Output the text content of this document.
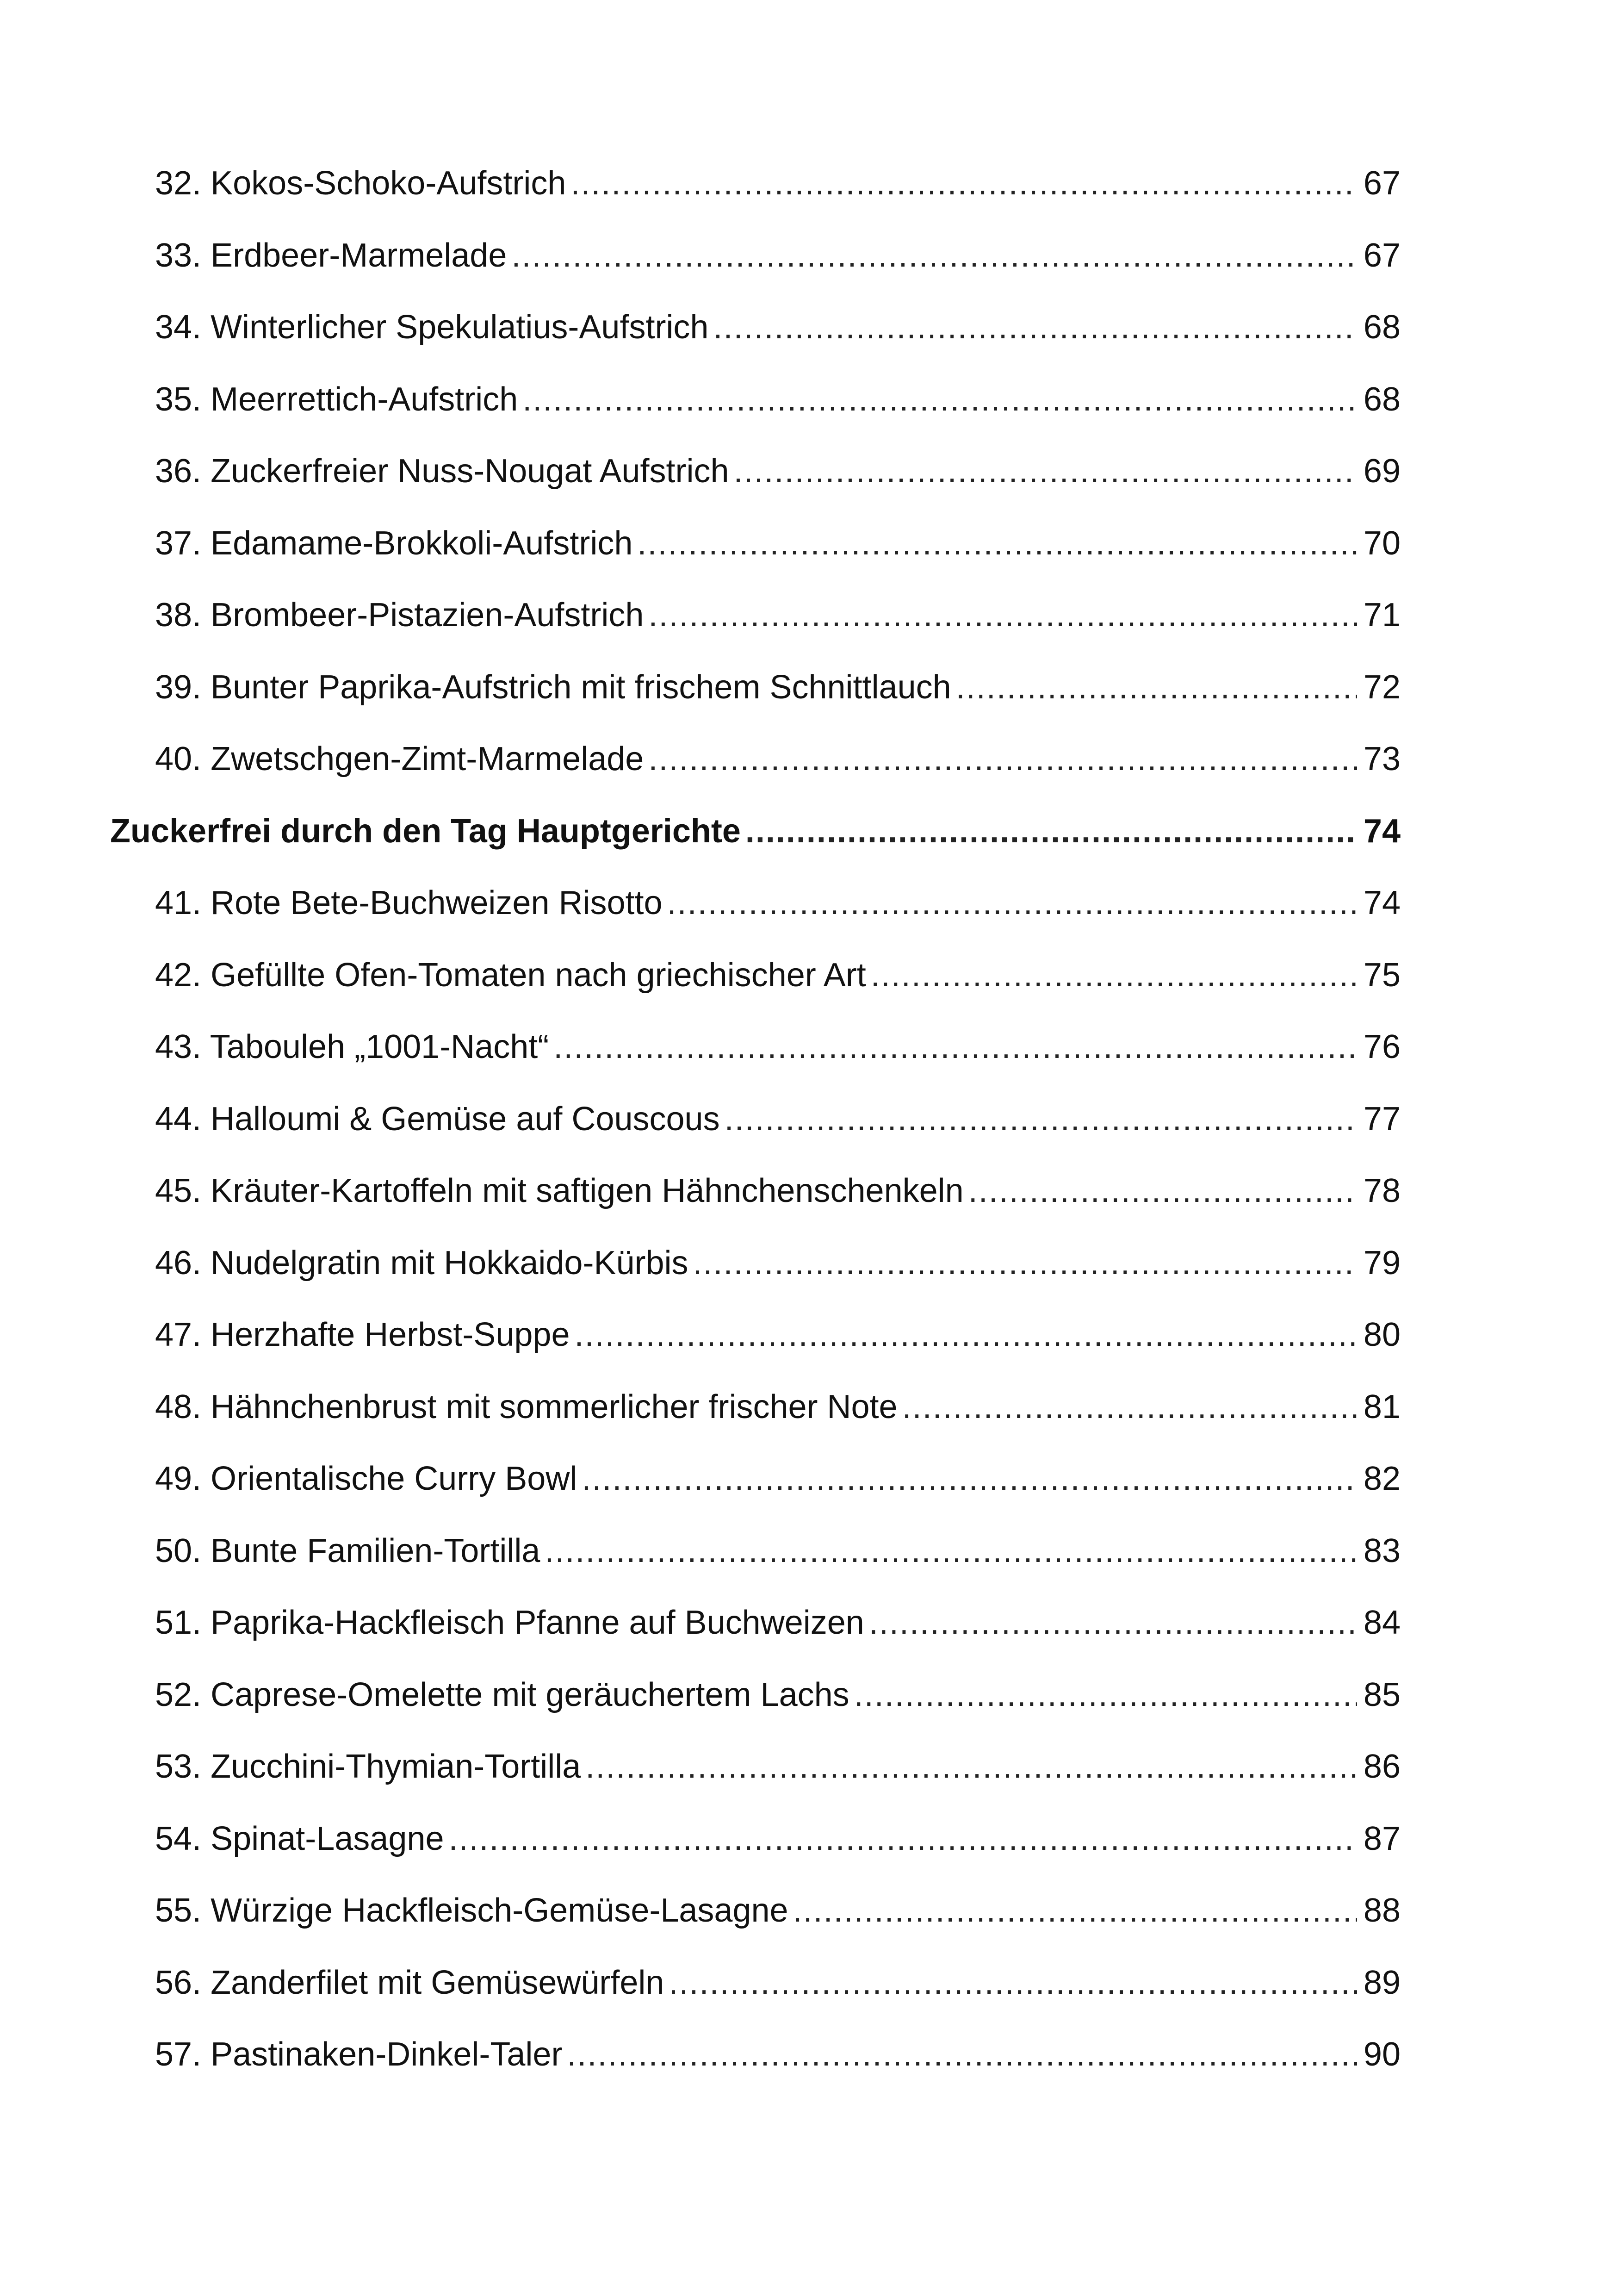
32. Kokos-Schoko-Aufstrich .....	67
33. Erdbeer-Marmelade .....	67
34. Winterlicher Spekulatius-Aufstrich .....	68
35. Meerrettich-Aufstrich .....	68
36. Zuckerfreier Nuss-Nougat Aufstrich .....	69
37. Edamame-Brokkoli-Aufstrich .....	70
38. Brombeer-Pistazien-Aufstrich .....	71
39. Bunter Paprika-Aufstrich mit frischem Schnittlauch .....	72
40. Zwetschgen-Zimt-Marmelade .....	73
Zuckerfrei durch den Tag Hauptgerichte .....	74
41. Rote Bete-Buchweizen Risotto .....	74
42. Gefüllte Ofen-Tomaten nach griechischer Art .....	75
43. Tabouleh „1001-Nacht“ .....	76
44. Halloumi & Gemüse auf Couscous .....	77
45. Kräuter-Kartoffeln mit saftigen Hähnchenschenkeln .....	78
46. Nudelgratin mit Hokkaido-Kürbis .....	79
47. Herzhafte Herbst-Suppe .....	80
48. Hähnchenbrust mit sommerlicher frischer Note .....	81
49. Orientalische Curry Bowl .....	82
50. Bunte Familien-Tortilla .....	83
51. Paprika-Hackfleisch Pfanne auf Buchweizen .....	84
52. Caprese-Omelette mit geräuchertem Lachs .....	85
53. Zucchini-Thymian-Tortilla .....	86
54. Spinat-Lasagne .....	87
55. Würzige Hackfleisch-Gemüse-Lasagne .....	88
56. Zanderfilet mit Gemüsewürfeln .....	89
57. Pastinaken-Dinkel-Taler .....	90
